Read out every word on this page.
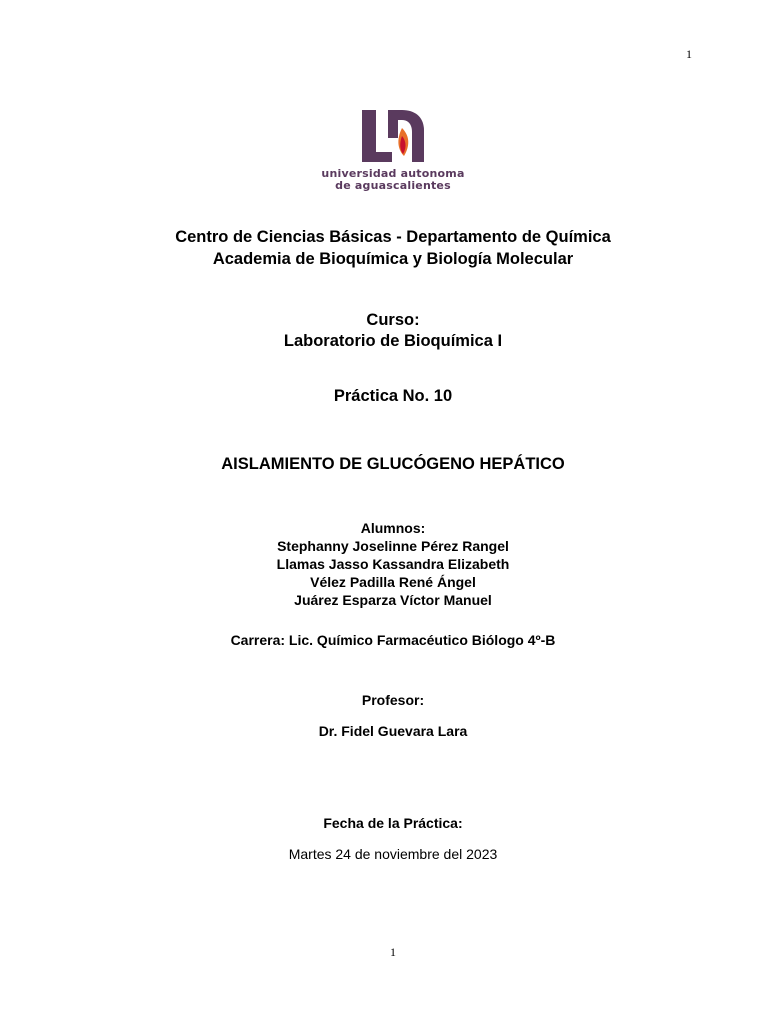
1
universidad autonoma
de aguascalientes
Centro de Ciencias Básicas - Departamento de Química
Academia de Bioquímica y Biología Molecular
Curso:
Laboratorio de Bioquímica I
Práctica No. 10
AISLAMIENTO DE GLUCÓGENO HEPÁTICO
Alumnos:
Stephanny Joselinne Pérez Rangel
Llamas Jasso Kassandra Elizabeth
Vélez Padilla René Ángel
Juárez Esparza Víctor Manuel
Carrera: Lic. Químico Farmacéutico Biólogo 4º-B
Profesor:
Dr. Fidel Guevara Lara
Fecha de la Práctica:
Martes 24 de noviembre del 2023
1
